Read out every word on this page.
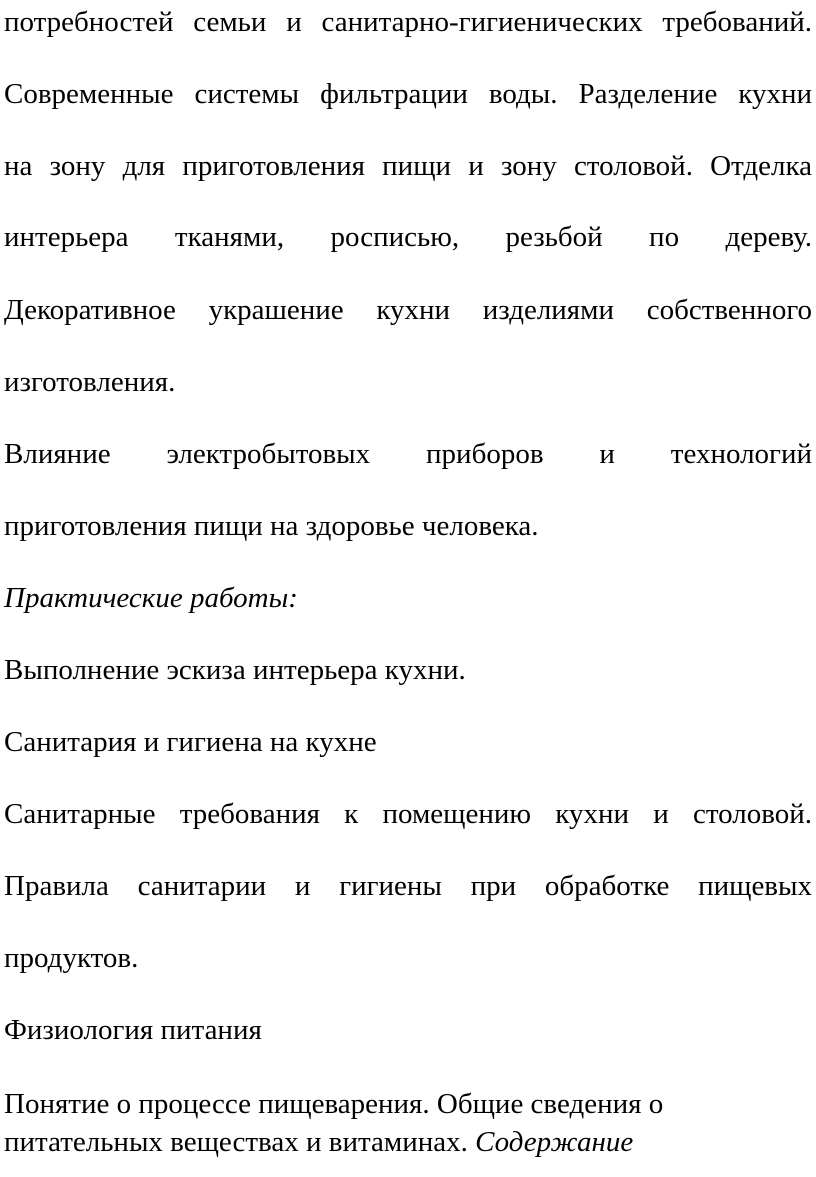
потребностей семьи и санитарно-гигиенических требований.
Современные системы фильтрации воды. Разделение кухни
на зону для приготовления пищи и зону столовой. Отделка
интерьера тканями, росписью, резьбой по дереву.
Декоративное украшение кухни изделиями собственного
изготовления.
Влияние электробытовых приборов и технологий
приготовления пищи на здоровье человека.
Практические работы:
Выполнение эскиза интерьера кухни.
Санитария и гигиена на кухне
Санитарные требования к помещению кухни и столовой.
Правила санитарии и гигиены при обработке пищевых
продуктов.
Физиология питания
Понятие о процессе пищеварения. Общие сведения о
питательных веществах и витаминах. Содержание
